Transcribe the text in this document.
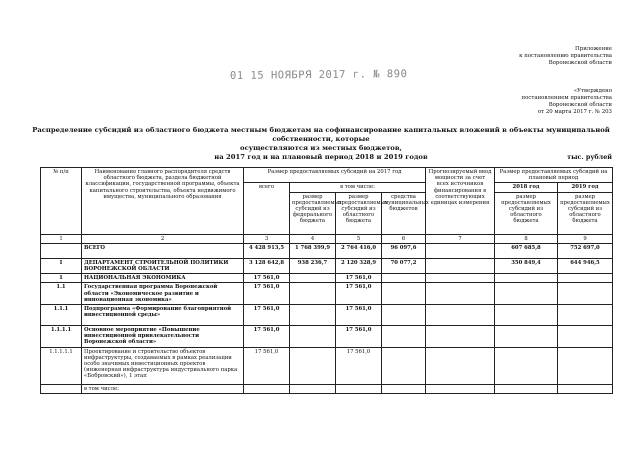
Приложение
к постановлению правительства
Воронежской области
01 15 НОЯБРЯ 2017 г. № 890
«Утверждено
постановлением правительства
Воронежской области
от 20 марта 2017 г. № 203
Распределение субсидий из областного бюджета местным бюджетам на софинансирование капитальных вложений в объекты муниципальной собственности, которые
осуществляются из местных бюджетов,
на 2017 год и на плановый период 2018 и 2019 годов	тыс. рублей
№ п/п	Наименование главного распорядителя средств областного бюджета, раздела бюджетной классификации, государственной программы, объекта капитального строительства, объекта недвижимого имущества, муниципального образования	Размер предоставляемых субсидий на 2017 год				Прогнозируемый ввод мощности за счет всех источников финансирования в соответствующих единицах измерения	Размер предоставляемых субсидий на плановый период	
		всего	в том числе:				2018 год	2019 год
			размер предоставляемых субсидий из федерального бюджета	размер предоставляемых субсидий из областного бюджета	средства муниципальных бюджетов		размер предоставляемых субсидий из областного бюджета	размер предоставляемых субсидий из областного бюджета
1	2	3	4	5	6	7	8	9
	ВСЕГО	4 428 913,5	1 768 399,9	2 764 416,0	96 097,6		607 685,8	752 697,0
I	ДЕПАРТАМЕНТ СТРОИТЕЛЬНОЙ ПОЛИТИКИ ВОРОНЕЖСКОЙ ОБЛАСТИ	3 128 642,8	938 236,7	2 120 328,9	70 077,2		350 849,4	644 946,5
1	НАЦИОНАЛЬНАЯ ЭКОНОМИКА	17 561,0		17 561,0				
1.1	Государственная программа Воронежской области «Экономическое развитие и инновационная экономика»	17 561,0		17 561,0				
1.1.1	Подпрограмма «Формирование благоприятной инвестиционной среды»	17 561,0		17 561,0				
1.1.1.1	Основное мероприятие «Повышение инвестиционной привлекательности Воронежской области»	17 561,0		17 561,0				
1.1.1.1.1	Проектирование и строительство объектов инфраструктуры, создаваемых в рамках реализации особо значимых инвестиционных проектов (инженерная инфраструктура индустриального парка «Бобровский»), 1 этап	17 561,0		17 561,0				
	в том числе:							
